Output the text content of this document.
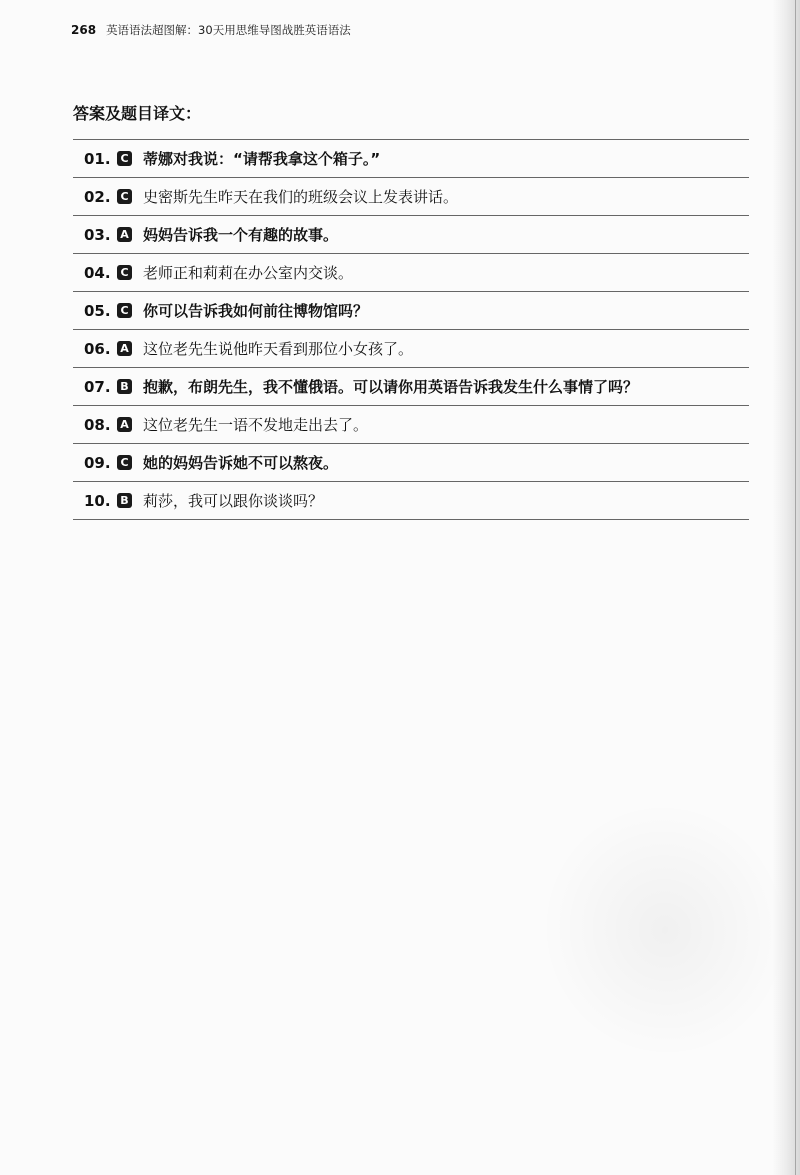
268 英语语法超图解：30天用思维导图战胜英语语法
答案及题目译文：
01. C 蒂娜对我说：“请帮我拿这个箱子。”
02. C 史密斯先生昨天在我们的班级会议上发表讲话。
03. A 妈妈告诉我一个有趣的故事。
04. C 老师正和莉莉在办公室内交谈。
05. C 你可以告诉我如何前往博物馆吗？
06. A 这位老先生说他昨天看到那位小女孩了。
07. B 抱歉，布朗先生，我不懂俄语。可以请你用英语告诉我发生什么事情了吗？
08. A 这位老先生一语不发地走出去了。
09. C 她的妈妈告诉她不可以熬夜。
10. B 莉莎，我可以跟你谈谈吗？
